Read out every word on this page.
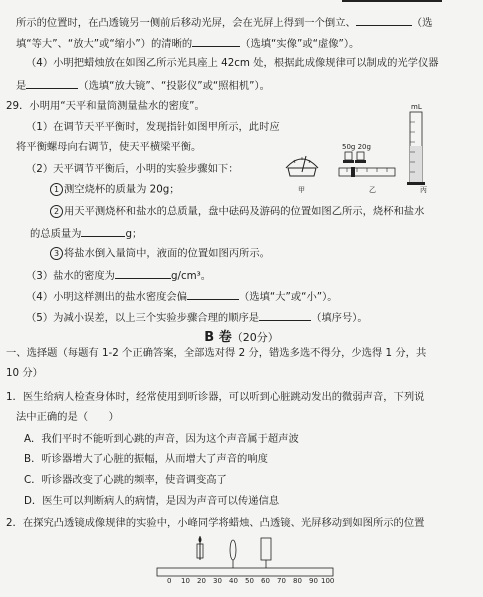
所示的位置时，在凸透镜另一侧前后移动光屏，会在光屏上得到一个倒立、	（选
填“等大”、“放大”或“缩小”）的清晰的	（选填“实像”或“虚像”）。
（4）小明把蜡烛放在如图乙所示光具座上 42cm 处，根据此成像规律可以制成的光学仪器
是	（选填“放大镜”、“投影仪”或“照相机”）。
29．小明用“天平和量筒测量盐水的密度”。
（1）在调节天平平衡时，发现指针如图甲所示，此时应
将平衡螺母向右调节，使天平横梁平衡。
（2）天平调节平衡后，小明的实验步骤如下：
1 测空烧杯的质量为 20g；
2 用天平测烧杯和盐水的总质量，盘中砝码及游码的位置如图乙所示，烧杯和盐水
的总质量为	g；
3 将盐水倒入量筒中，液面的位置如图丙所示。
（3）盐水的密度为	g/cm³。
（4）小明这样测出的盐水密度会偏	（选填“大”或“小”）。
（5）为减小误差，以上三个实验步骤合理的顺序是	（填序号）。
B 卷（20分）
一、选择题（每题有 1-2 个正确答案，全部选对得 2 分，错选多选不得分，少选得 1 分，共
10 分）
1．医生给病人检查身体时，经常使用到听诊器，可以听到心脏跳动发出的微弱声音，下列说
法中正确的是（　　）
A．我们平时不能听到心跳的声音，因为这个声音属于超声波
B．听诊器增大了心脏的振幅，从而增大了声音的响度
C．听诊器改变了心跳的频率，使音调变高了
D．医生可以判断病人的病情，是因为声音可以传递信息
2．在探究凸透镜成像规律的实验中，小峰同学将蜡烛、凸透镜、光屏移动到如图所示的位置
甲
50g 20g
乙
mL
丙
0 10 20 30 40 50 60 70 80 90 100
